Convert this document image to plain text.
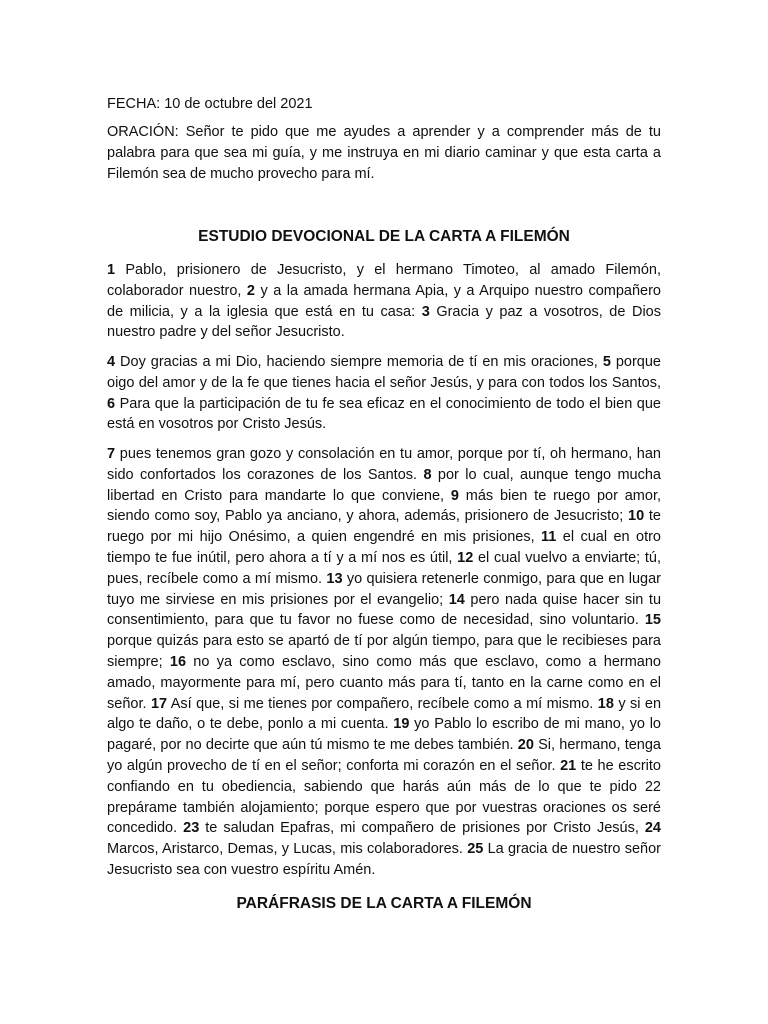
FECHA: 10 de octubre del 2021

ORACIÓN: Señor te pido que me ayudes a aprender y a comprender más de tu palabra para que sea mi guía, y me instruya en mi diario caminar y que esta carta a Filemón sea de mucho provecho para mí.

ESTUDIO DEVOCIONAL DE LA CARTA A FILEMÓN

1 Pablo, prisionero de Jesucristo, y el hermano Timoteo, al amado Filemón, colaborador nuestro, 2 y a la amada hermana Apia, y a Arquipo nuestro compañero de milicia, y a la iglesia que está en tu casa: 3 Gracia y paz a vosotros, de Dios nuestro padre y del señor Jesucristo.

4 Doy gracias a mi Dio, haciendo siempre memoria de tí en mis oraciones, 5 porque oigo del amor y de la fe que tienes hacia el señor Jesús, y para con todos los Santos, 6 Para que la participación de tu fe sea eficaz en el conocimiento de todo el bien que está en vosotros por Cristo Jesús.

7 pues tenemos gran gozo y consolación en tu amor, porque por tí, oh hermano, han sido confortados los corazones de los Santos. 8 por lo cual, aunque tengo mucha libertad en Cristo para mandarte lo que conviene, 9 más bien te ruego por amor, siendo como soy, Pablo ya anciano, y ahora, además, prisionero de Jesucristo; 10 te ruego por mi hijo Onésimo, a quien engendré en mis prisiones, 11 el cual en otro tiempo te fue inútil, pero ahora a tí y a mí nos es útil, 12 el cual vuelvo a enviarte; tú, pues, recíbele como a mí mismo. 13 yo quisiera retenerle conmigo, para que en lugar tuyo me sirviese en mis prisiones por el evangelio; 14 pero nada quise hacer sin tu consentimiento, para que tu favor no fuese como de necesidad, sino voluntario. 15 porque quizás para esto se apartó de tí por algún tiempo, para que le recibieses para siempre; 16 no ya como esclavo, sino como más que esclavo, como a hermano amado, mayormente para mí, pero cuanto más para tí, tanto en la carne como en el señor. 17 Así que, si me tienes por compañero, recíbele como a mí mismo. 18 y si en algo te daño, o te debe, ponlo a mi cuenta. 19 yo Pablo lo escribo de mi mano, yo lo pagaré, por no decirte que aún tú mismo te me debes también. 20 Si, hermano, tenga yo algún provecho de tí en el señor; conforta mi corazón en el señor. 21 te he escrito confiando en tu obediencia, sabiendo que harás aún más de lo que te pido 22 prepárame también alojamiento; porque espero que por vuestras oraciones os seré concedido. 23 te saludan Epafras, mi compañero de prisiones por Cristo Jesús, 24 Marcos, Aristarco, Demas, y Lucas, mis colaboradores. 25 La gracia de nuestro señor Jesucristo sea con vuestro espíritu Amén.

PARÁFRASIS DE LA CARTA A FILEMÓN
